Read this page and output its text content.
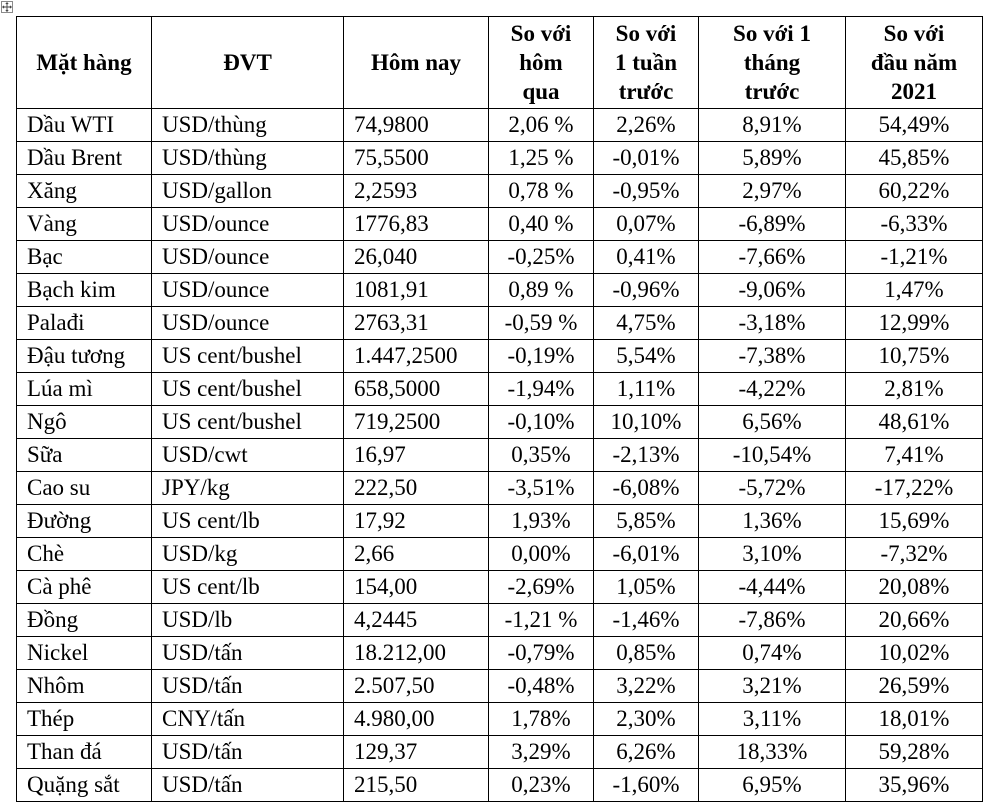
Mặt hàng	ĐVT	Hôm nay	So với
hôm
qua	So với
1 tuần
trước	So với 1
tháng
trước	So với
đầu năm
2021
Dầu WTI	USD/thùng	74,9800	2,06 %	2,26%	8,91%	54,49%
Dầu Brent	USD/thùng	75,5500	1,25 %	-0,01%	5,89%	45,85%
Xăng	USD/gallon	2,2593	0,78 %	-0,95%	2,97%	60,22%
Vàng	USD/ounce	1776,83	0,40 %	0,07%	-6,89%	-6,33%
Bạc	USD/ounce	26,040	-0,25%	0,41%	-7,66%	-1,21%
Bạch kim	USD/ounce	1081,91	0,89 %	-0,96%	-9,06%	1,47%
Palađi	USD/ounce	2763,31	-0,59 %	4,75%	-3,18%	12,99%
Đậu tương	US cent/bushel	1.447,2500	-0,19%	5,54%	-7,38%	10,75%
Lúa mì	US cent/bushel	658,5000	-1,94%	1,11%	-4,22%	2,81%
Ngô	US cent/bushel	719,2500	-0,10%	10,10%	6,56%	48,61%
Sữa	USD/cwt	16,97	0,35%	-2,13%	-10,54%	7,41%
Cao su	JPY/kg	222,50	-3,51%	-6,08%	-5,72%	-17,22%
Đường	US cent/lb	17,92	1,93%	5,85%	1,36%	15,69%
Chè	USD/kg	2,66	0,00%	-6,01%	3,10%	-7,32%
Cà phê	US cent/lb	154,00	-2,69%	1,05%	-4,44%	20,08%
Đồng	USD/lb	4,2445	-1,21 %	-1,46%	-7,86%	20,66%
Nickel	USD/tấn	18.212,00	-0,79%	0,85%	0,74%	10,02%
Nhôm	USD/tấn	2.507,50	-0,48%	3,22%	3,21%	26,59%
Thép	CNY/tấn	4.980,00	1,78%	2,30%	3,11%	18,01%
Than đá	USD/tấn	129,37	3,29%	6,26%	18,33%	59,28%
Quặng sắt	USD/tấn	215,50	0,23%	-1,60%	6,95%	35,96%
